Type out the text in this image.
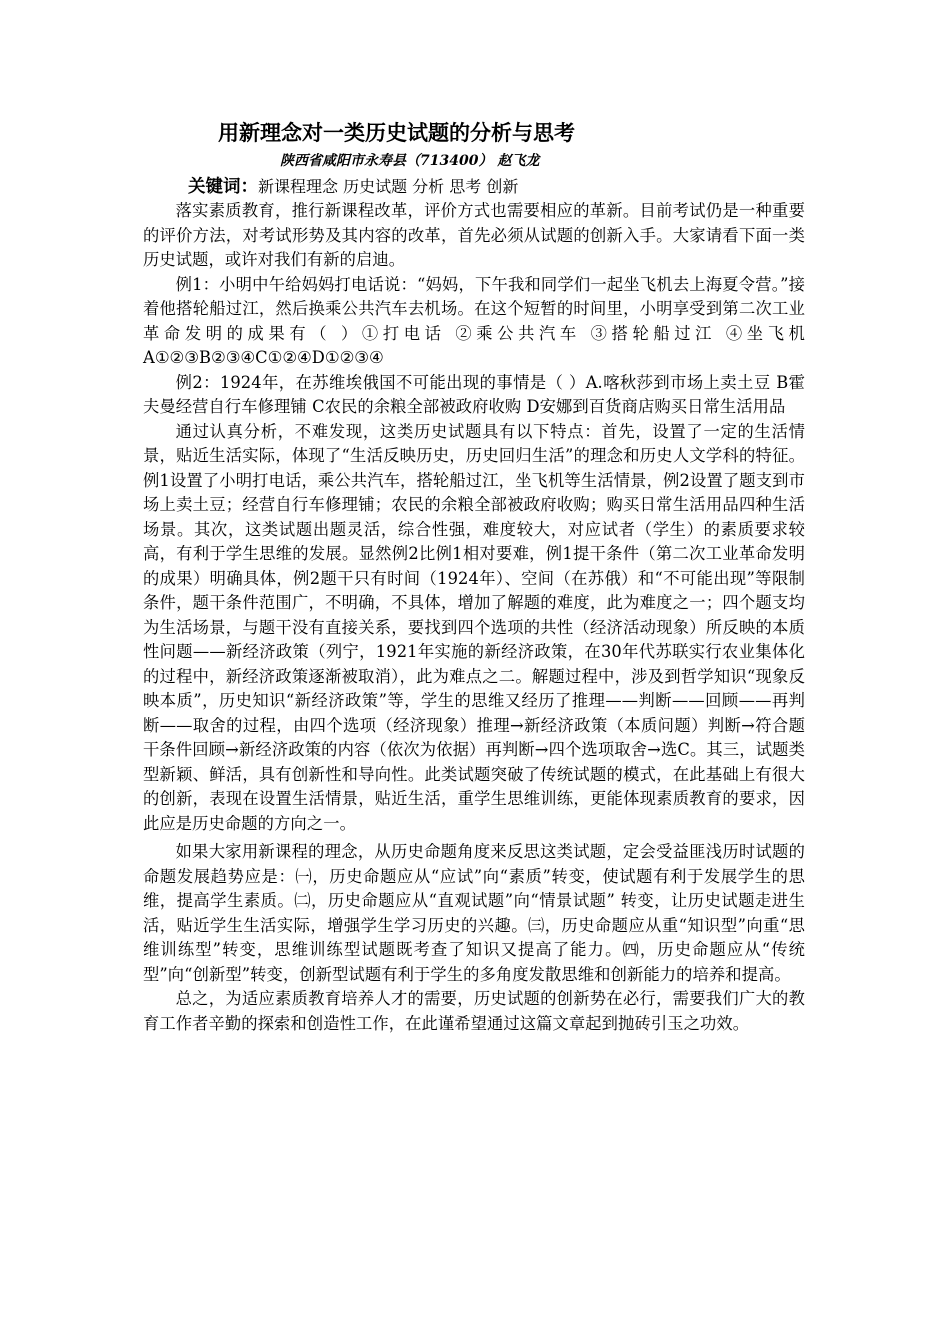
用新理念对一类历史试题的分析与思考
陕西省咸阳市永寿县（713400） 赵飞龙
关键词：新课程理念 历史试题 分析 思考 创新

落实素质教育，推行新课程改革，评价方式也需要相应的革新。目前考试仍是一种重要的评价方法，对考试形势及其内容的改革，首先必须从试题的创新入手。大家请看下面一类历史试题，或许对我们有新的启迪。

例1：小明中午给妈妈打电话说：“妈妈，下午我和同学们一起坐飞机去上海夏令营。”接着他搭轮船过江，然后换乘公共汽车去机场。在这个短暂的时间里，小明享受到第二次工业革命发明的成果有（ ）①打电话 ②乘公共汽车 ③搭轮船过江 ④坐飞机 A①②③B②③④C①②④D①②③④

例2：1924年，在苏维埃俄国不可能出现的事情是（ ）A.喀秋莎到市场上卖土豆 B霍夫曼经营自行车修理铺 C农民的余粮全部被政府收购 D安娜到百货商店购买日常生活用品

通过认真分析，不难发现，这类历史试题具有以下特点：首先，设置了一定的生活情景，贴近生活实际，体现了“生活反映历史，历史回归生活”的理念和历史人文学科的特征。例1设置了小明打电话，乘公共汽车，搭轮船过江，坐飞机等生活情景，例2设置了题支到市场上卖土豆；经营自行车修理铺；农民的余粮全部被政府收购；购买日常生活用品四种生活场景。其次，这类试题出题灵活，综合性强，难度较大，对应试者（学生）的素质要求较高，有利于学生思维的发展。显然例2比例1相对要难，例1提干条件（第二次工业革命发明的成果）明确具体，例2题干只有时间（1924年）、空间（在苏俄）和“不可能出现”等限制条件，题干条件范围广，不明确，不具体，增加了解题的难度，此为难度之一；四个题支均为生活场景，与题干没有直接关系，要找到四个选项的共性（经济活动现象）所反映的本质性问题——新经济政策（列宁，1921年实施的新经济政策，在30年代苏联实行农业集体化的过程中，新经济政策逐渐被取消），此为难点之二。解题过程中，涉及到哲学知识“现象反映本质”，历史知识“新经济政策”等，学生的思维又经历了推理——判断——回顾——再判断——取舍的过程，由四个选项（经济现象）推理→新经济政策（本质问题）判断→符合题干条件回顾→新经济政策的内容（依次为依据）再判断→四个选项取舍→选C。其三，试题类型新颖、鲜活，具有创新性和导向性。此类试题突破了传统试题的模式，在此基础上有很大的创新，表现在设置生活情景，贴近生活，重学生思维训练，更能体现素质教育的要求，因此应是历史命题的方向之一。

如果大家用新课程的理念，从历史命题角度来反思这类试题，定会受益匪浅历时试题的命题发展趋势应是：㈠，历史命题应从“应试”向“素质”转变，使试题有利于发展学生的思维，提高学生素质。㈡，历史命题应从“直观试题”向“情景试题” 转变，让历史试题走进生活，贴近学生生活实际，增强学生学习历史的兴趣。㈢，历史命题应从重“知识型”向重“思维训练型”转变，思维训练型试题既考查了知识又提高了能力。㈣，历史命题应从“传统型”向“创新型”转变，创新型试题有利于学生的多角度发散思维和创新能力的培养和提高。

总之，为适应素质教育培养人才的需要，历史试题的创新势在必行，需要我们广大的教育工作者辛勤的探索和创造性工作，在此谨希望通过这篇文章起到抛砖引玉之功效。
